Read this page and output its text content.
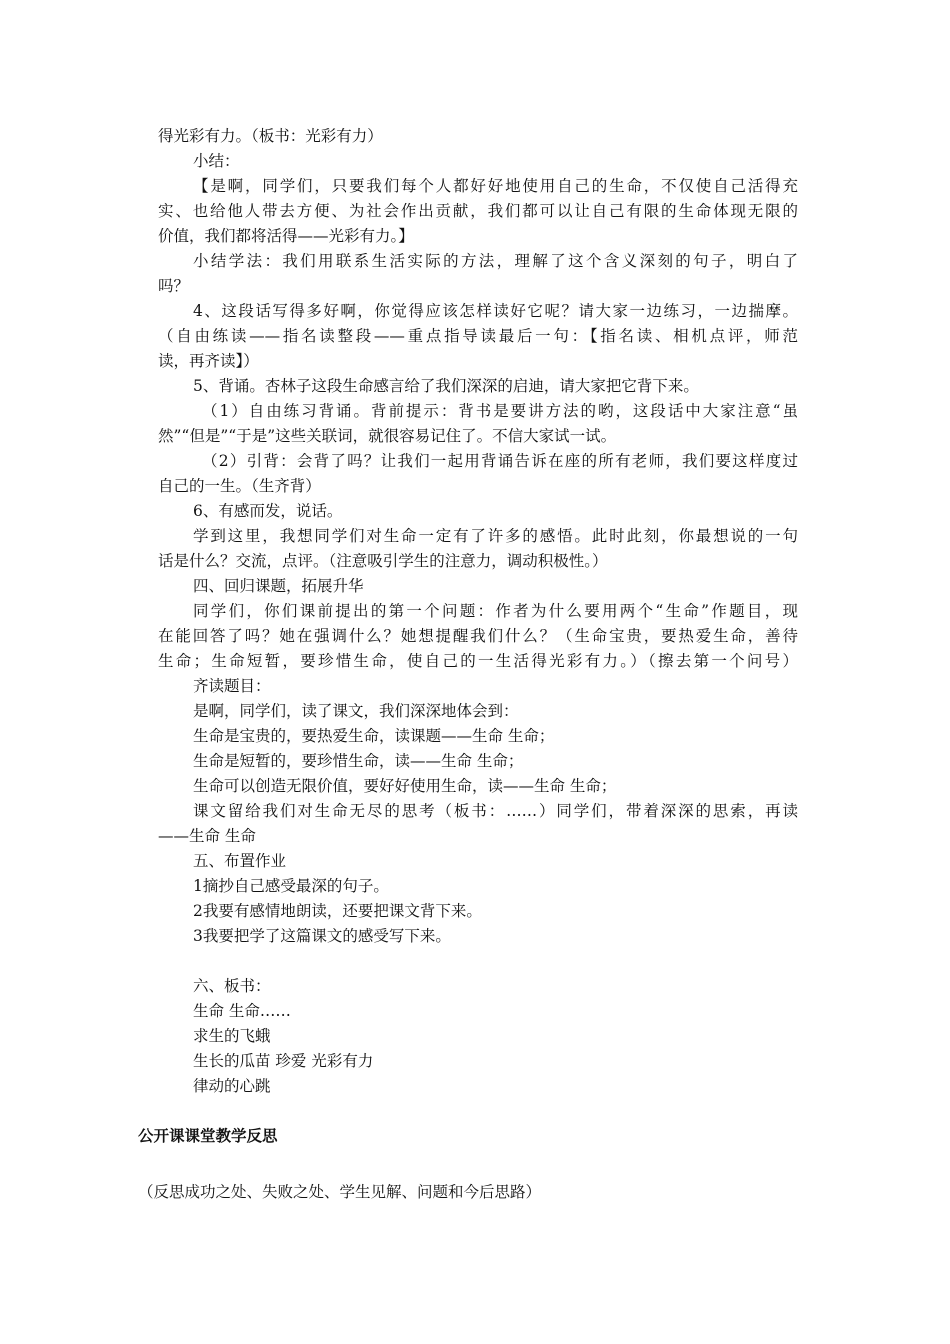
得光彩有力。（板书：光彩有力）
小结：
【是啊，同学们，只要我们每个人都好好地使用自己的生命，不仅使自己活得充
实、也给他人带去方便、为社会作出贡献，我们都可以让自己有限的生命体现无限的
价值，我们都将活得——光彩有力。】
小结学法：我们用联系生活实际的方法，理解了这个含义深刻的句子，明白了
吗？
4、这段话写得多好啊，你觉得应该怎样读好它呢？请大家一边练习，一边揣摩。
（自由练读——指名读整段——重点指导读最后一句：【指名读、相机点评，师范
读，再齐读】）
5、背诵。杏林子这段生命感言给了我们深深的启迪，请大家把它背下来。
（1）自由练习背诵。背前提示：背书是要讲方法的哟，这段话中大家注意“虽
然”“但是”“于是”这些关联词，就很容易记住了。不信大家试一试。
（2）引背：会背了吗？让我们一起用背诵告诉在座的所有老师，我们要这样度过
自己的一生。（生齐背）
6、有感而发，说话。
学到这里，我想同学们对生命一定有了许多的感悟。此时此刻，你最想说的一句
话是什么？交流，点评。（注意吸引学生的注意力，调动积极性。）
四、回归课题，拓展升华
同学们，你们课前提出的第一个问题：作者为什么要用两个“生命”作题目，现
在能回答了吗？她在强调什么？她想提醒我们什么？（生命宝贵，要热爱生命，善待
生命；生命短暂，要珍惜生命，使自己的一生活得光彩有力。）（擦去第一个问号）
齐读题目：
是啊，同学们，读了课文，我们深深地体会到：
生命是宝贵的，要热爱生命，读课题——生命 生命；
生命是短暂的，要珍惜生命，读——生命 生命；
生命可以创造无限价值，要好好使用生命，读——生命 生命；
课文留给我们对生命无尽的思考（板书：……）同学们，带着深深的思索，再读
——生命 生命
五、布置作业
1摘抄自己感受最深的句子。
2我要有感情地朗读，还要把课文背下来。
3我要把学了这篇课文的感受写下来。
六、板书：
生命 生命……
求生的飞蛾
生长的瓜苗 珍爱 光彩有力
律动的心跳
公开课课堂教学反思
（反思成功之处、失败之处、学生见解、问题和今后思路）
